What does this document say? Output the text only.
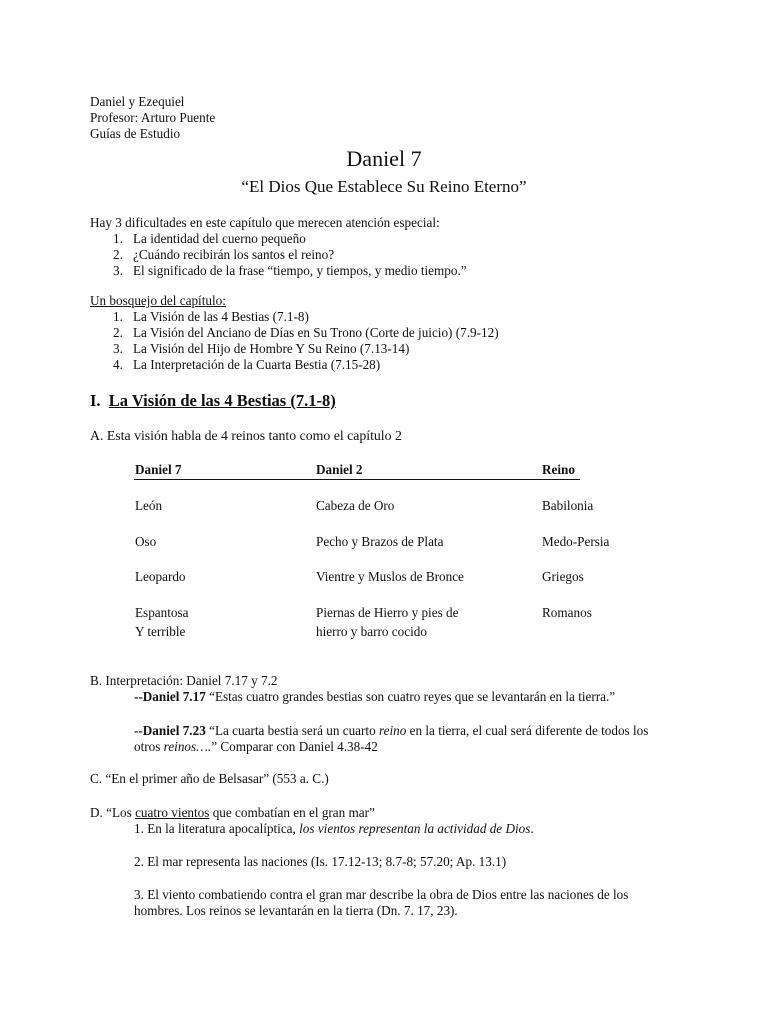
Daniel y Ezequiel
Profesor: Arturo Puente
Guías de Estudio
Daniel 7
“El Dios Que Establece Su Reino Eterno”
Hay 3 dificultades en este capítulo que merecen atención especial:
1. La identidad del cuerno pequeño
2. ¿Cuándo recibirán los santos el reino?
3. El significado de la frase “tiempo, y tiempos, y medio tiempo.”
Un bosquejo del capítulo:
1. La Visión de las 4 Bestias (7.1-8)
2. La Visión del Anciano de Días en Su Trono (Corte de juicio) (7.9-12)
3. La Visión del Hijo de Hombre Y Su Reino (7.13-14)
4. La Interpretación de la Cuarta Bestia (7.15-28)
I. La Visión de las 4 Bestias (7.1-8)
A. Esta visión habla de 4 reinos tanto como el capítulo 2
Daniel 7	Daniel 2	Reino
León	Cabeza de Oro	Babilonia
Oso	Pecho y Brazos de Plata	Medo-Persia
Leopardo	Vientre y Muslos de Bronce	Griegos
Espantosa	Piernas de Hierro y pies de	Romanos
Y terrible	hierro y barro cocido
B. Interpretación: Daniel 7.17 y 7.2
--Daniel 7.17 “Estas cuatro grandes bestias son cuatro reyes que se levantarán en la tierra.”
--Daniel 7.23 “La cuarta bestia será un cuarto reino en la tierra, el cual será diferente de todos los
otros reinos….” Comparar con Daniel 4.38-42
C. “En el primer año de Belsasar” (553 a. C.)
D. “Los cuatro vientos que combatían en el gran mar”
1. En la literatura apocalíptica, los vientos representan la actividad de Dios.
2. El mar representa las naciones (Is. 17.12-13; 8.7-8; 57.20; Ap. 13.1)
3. El viento combatiendo contra el gran mar describe la obra de Dios entre las naciones de los
hombres. Los reinos se levantarán en la tierra (Dn. 7. 17, 23).
